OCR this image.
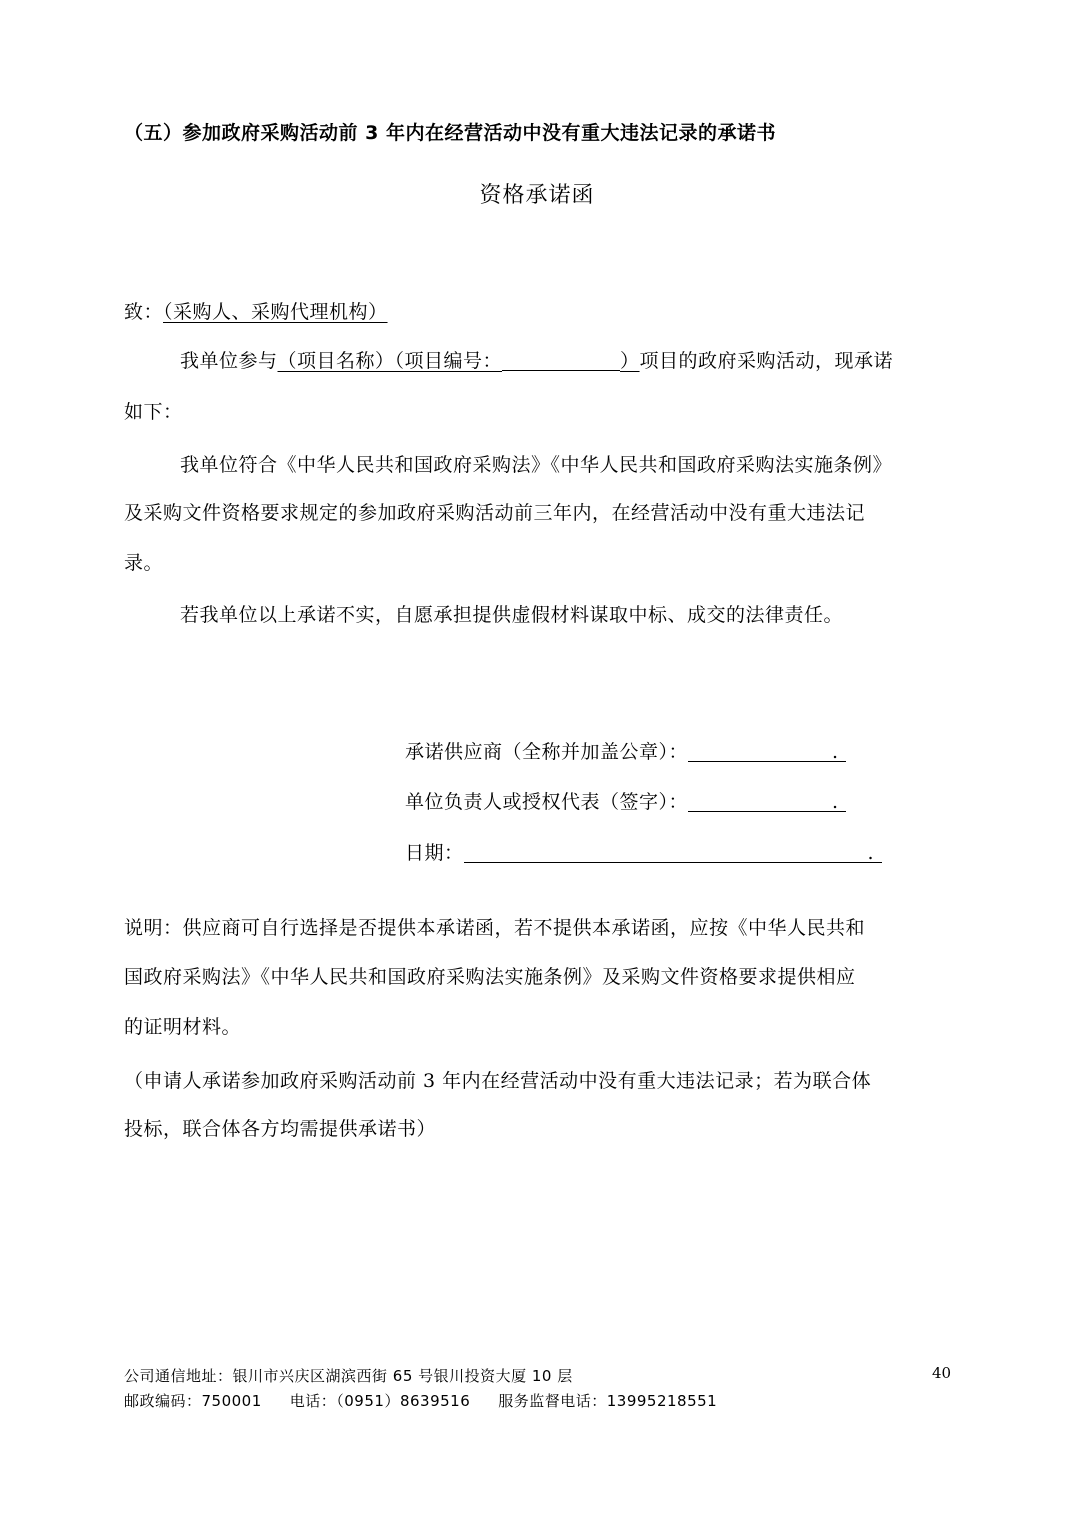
（五）参加政府采购活动前 3 年内在经营活动中没有重大违法记录的承诺书
资格承诺函
致：（采购人、采购代理机构）
我单位参与（项目名称）（项目编号：	）项目的政府采购活动，现承诺
如下：
我单位符合《中华人民共和国政府采购法》《中华人民共和国政府采购法实施条例》
及采购文件资格要求规定的参加政府采购活动前三年内，在经营活动中没有重大违法记
录。
若我单位以上承诺不实，自愿承担提供虚假材料谋取中标、成交的法律责任。
承诺供应商（全称并加盖公章）：	.
单位负责人或授权代表（签字）：	.
日期：	.
说明：供应商可自行选择是否提供本承诺函，若不提供本承诺函，应按《中华人民共和
国政府采购法》《中华人民共和国政府采购法实施条例》及采购文件资格要求提供相应
的证明材料。
（申请人承诺参加政府采购活动前 3 年内在经营活动中没有重大违法记录；若为联合体
投标，联合体各方均需提供承诺书）
公司通信地址：银川市兴庆区湖滨西街 65 号银川投资大厦 10 层
邮政编码：750001 电话：（0951）8639516 服务监督电话：13995218551
40
